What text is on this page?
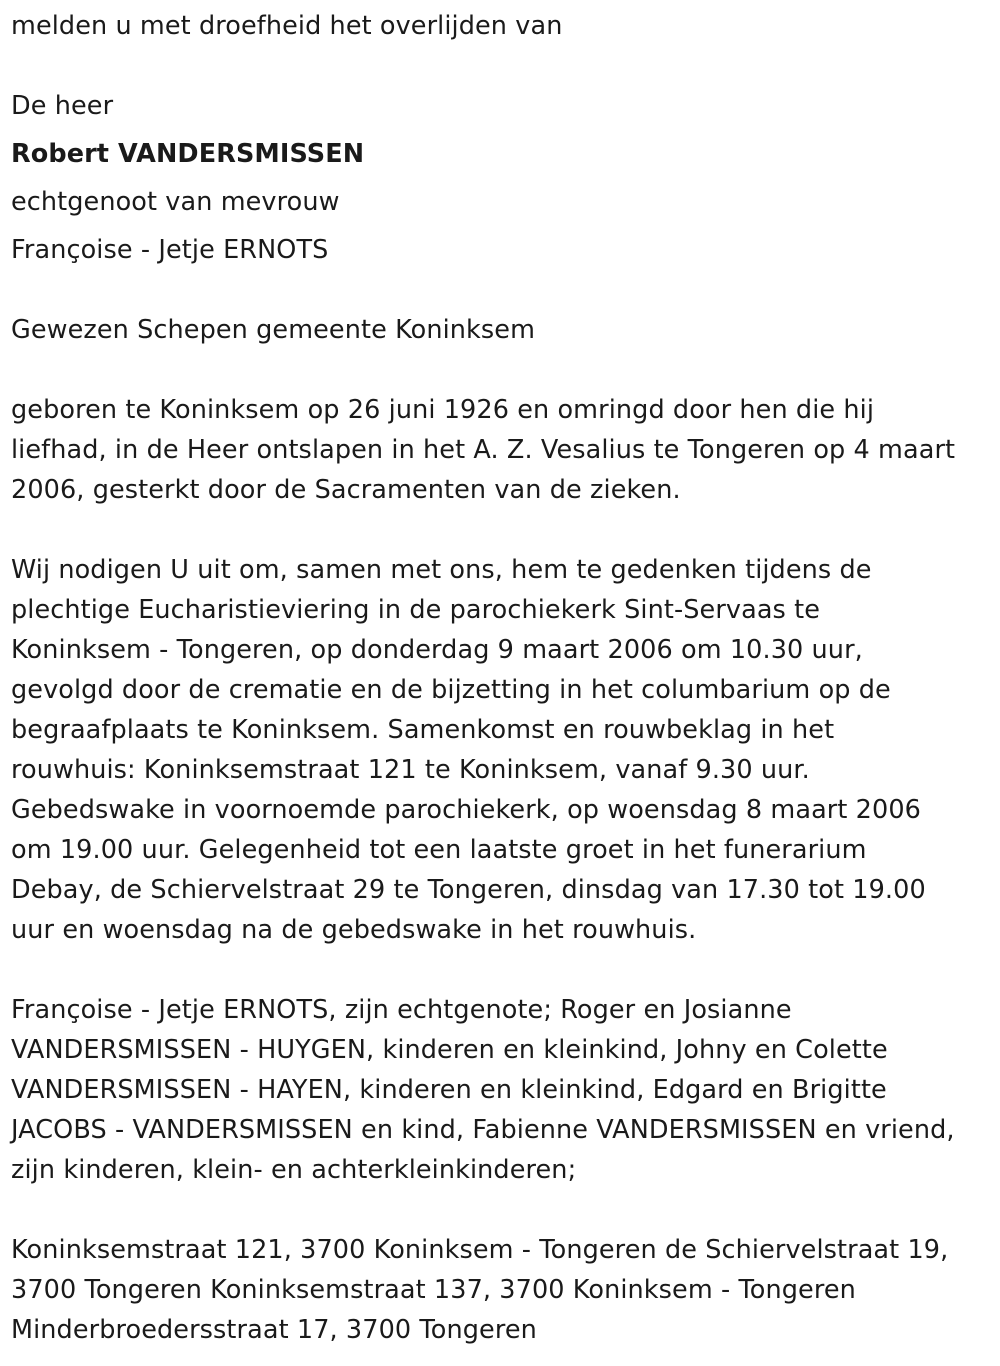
melden u met droefheid het overlijden van
De heer
Robert VANDERSMISSEN
echtgenoot van mevrouw
Françoise - Jetje ERNOTS
Gewezen Schepen gemeente Koninksem
geboren te Koninksem op 26 juni 1926 en omringd door hen die hij
liefhad, in de Heer ontslapen in het A. Z. Vesalius te Tongeren op 4 maart
2006, gesterkt door de Sacramenten van de zieken.
Wij nodigen U uit om, samen met ons, hem te gedenken tijdens de
plechtige Eucharistieviering in de parochiekerk Sint-Servaas te
Koninksem - Tongeren, op donderdag 9 maart 2006 om 10.30 uur,
gevolgd door de crematie en de bijzetting in het columbarium op de
begraafplaats te Koninksem. Samenkomst en rouwbeklag in het
rouwhuis: Koninksemstraat 121 te Koninksem, vanaf 9.30 uur.
Gebedswake in voornoemde parochiekerk, op woensdag 8 maart 2006
om 19.00 uur. Gelegenheid tot een laatste groet in het funerarium
Debay, de Schiervelstraat 29 te Tongeren, dinsdag van 17.30 tot 19.00
uur en woensdag na de gebedswake in het rouwhuis.
Françoise - Jetje ERNOTS, zijn echtgenote; Roger en Josianne
VANDERSMISSEN - HUYGEN, kinderen en kleinkind, Johny en Colette
VANDERSMISSEN - HAYEN, kinderen en kleinkind, Edgard en Brigitte
JACOBS - VANDERSMISSEN en kind, Fabienne VANDERSMISSEN en vriend,
zijn kinderen, klein- en achterkleinkinderen;
Koninksemstraat 121, 3700 Koninksem - Tongeren de Schiervelstraat 19,
3700 Tongeren Koninksemstraat 137, 3700 Koninksem - Tongeren
Minderbroedersstraat 17, 3700 Tongeren
